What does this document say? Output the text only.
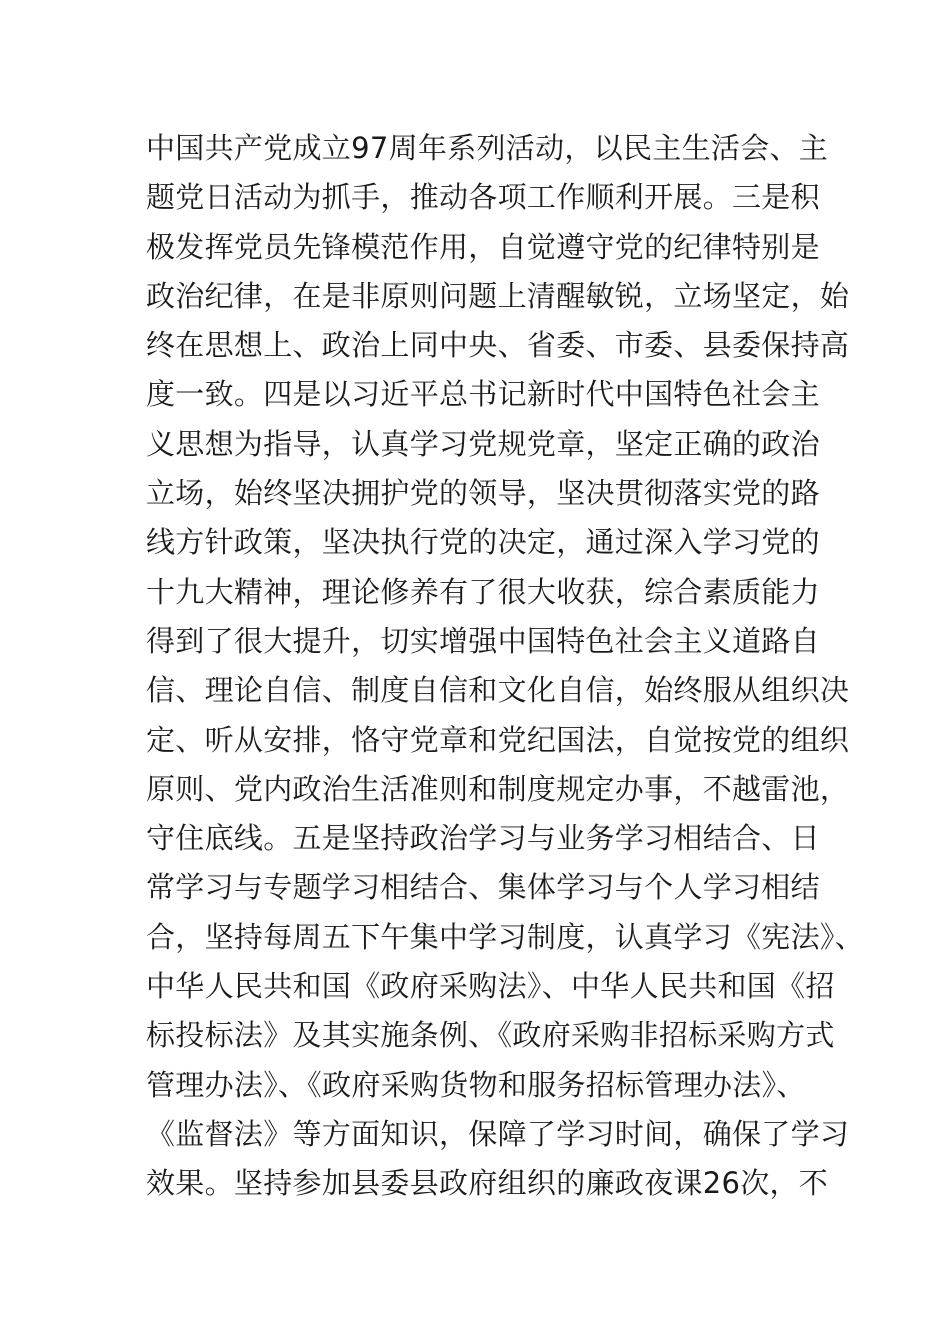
中国共产党成立97周年系列活动，以民主生活会、主
题党日活动为抓手，推动各项工作顺利开展。三是积
极发挥党员先锋模范作用，自觉遵守党的纪律特别是
政治纪律，在是非原则问题上清醒敏锐，立场坚定，始
终在思想上、政治上同中央、省委、市委、县委保持高
度一致。四是以习近平总书记新时代中国特色社会主
义思想为指导，认真学习党规党章，坚定正确的政治
立场，始终坚决拥护党的领导，坚决贯彻落实党的路
线方针政策，坚决执行党的决定，通过深入学习党的
十九大精神，理论修养有了很大收获，综合素质能力
得到了很大提升，切实增强中国特色社会主义道路自
信、理论自信、制度自信和文化自信，始终服从组织决
定、听从安排，恪守党章和党纪国法，自觉按党的组织
原则、党内政治生活准则和制度规定办事，不越雷池，
守住底线。五是坚持政治学习与业务学习相结合、日
常学习与专题学习相结合、集体学习与个人学习相结
合，坚持每周五下午集中学习制度，认真学习《宪法》、
中华人民共和国《政府采购法》、中华人民共和国《招
标投标法》及其实施条例、《政府采购非招标采购方式
管理办法》、《政府采购货物和服务招标管理办法》、
《监督法》等方面知识，保障了学习时间，确保了学习
效果。坚持参加县委县政府组织的廉政夜课26次，不
